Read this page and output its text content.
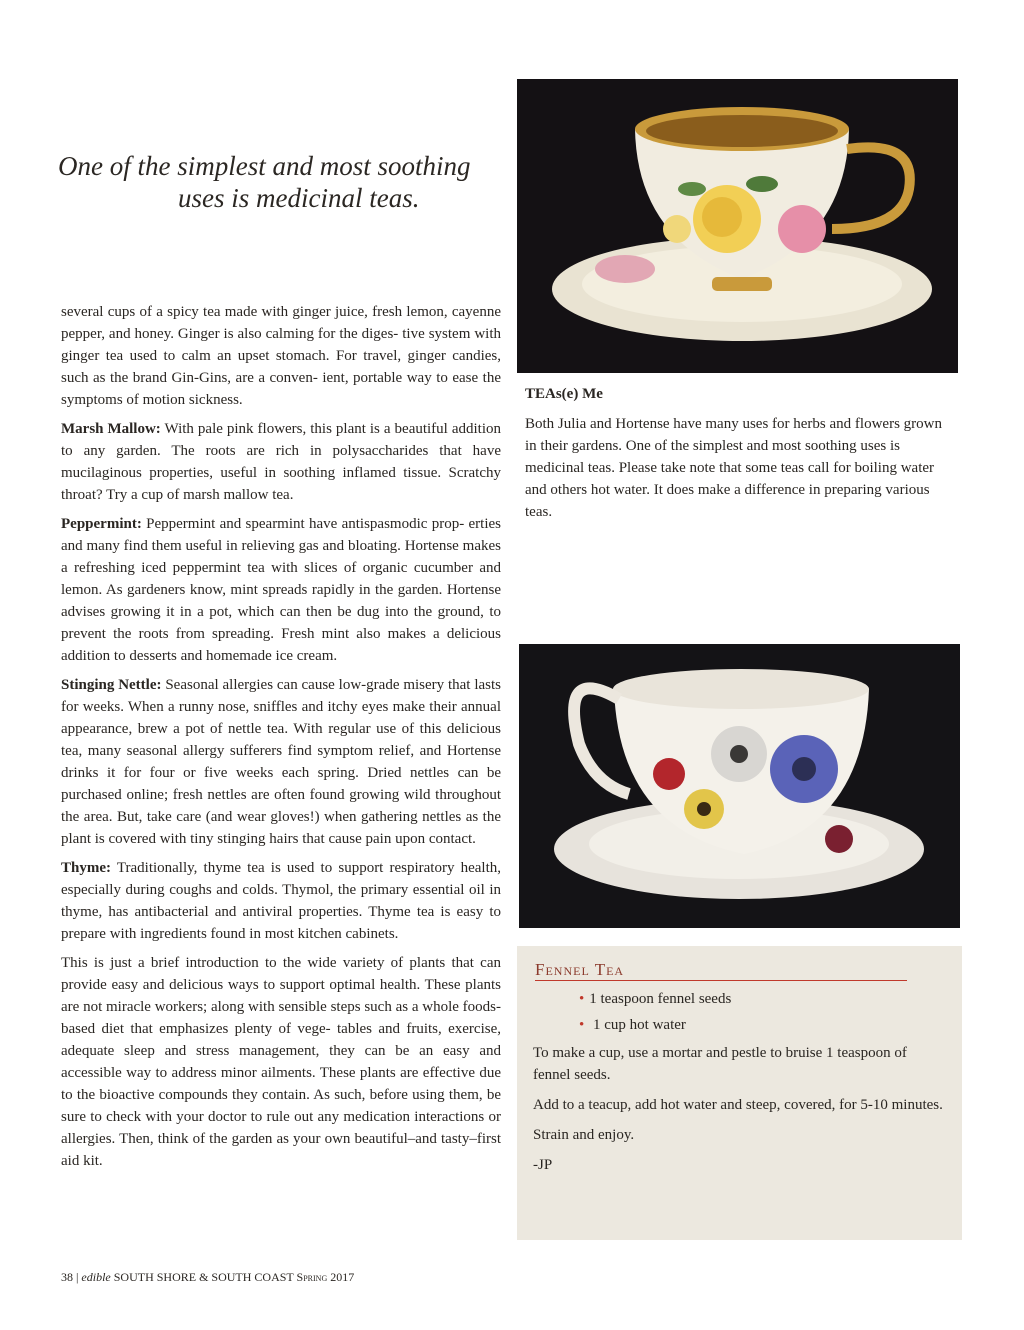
One of the simplest and most soothing
uses is medicinal teas.

several cups of a spicy tea made with ginger juice, fresh lemon, cayenne pepper, and honey. Ginger is also calming for the diges- tive system with ginger tea used to calm an upset stomach. For travel, ginger candies, such as the brand Gin-Gins, are a conven- ient, portable way to ease the symptoms of motion sickness.

Marsh Mallow: With pale pink flowers, this plant is a beautiful addition to any garden. The roots are rich in polysaccharides that have mucilaginous properties, useful in soothing inflamed tissue. Scratchy throat? Try a cup of marsh mallow tea.

Peppermint: Peppermint and spearmint have antispasmodic prop- erties and many find them useful in relieving gas and bloating. Hortense makes a refreshing iced peppermint tea with slices of organic cucumber and lemon. As gardeners know, mint spreads rapidly in the garden. Hortense advises growing it in a pot, which can then be dug into the ground, to prevent the roots from spreading. Fresh mint also makes a delicious addition to desserts and homemade ice cream.

Stinging Nettle: Seasonal allergies can cause low-grade misery that lasts for weeks. When a runny nose, sniffles and itchy eyes make their annual appearance, brew a pot of nettle tea. With regular use of this delicious tea, many seasonal allergy sufferers find symptom relief, and Hortense drinks it for four or five weeks each spring. Dried nettles can be purchased online; fresh nettles are often found growing wild throughout the area. But, take care (and wear gloves!) when gathering nettles as the plant is covered with tiny stinging hairs that cause pain upon contact.

Thyme: Traditionally, thyme tea is used to support respiratory health, especially during coughs and colds. Thymol, the primary essential oil in thyme, has antibacterial and antiviral properties. Thyme tea is easy to prepare with ingredients found in most kitchen cabinets.

This is just a brief introduction to the wide variety of plants that can provide easy and delicious ways to support optimal health. These plants are not miracle workers; along with sensible steps such as a whole foods-based diet that emphasizes plenty of vege- tables and fruits, exercise, adequate sleep and stress management, they can be an easy and accessible way to address minor ailments. These plants are effective due to the bioactive compounds they contain. As such, before using them, be sure to check with your doctor to rule out any medication interactions or allergies. Then, think of the garden as your own beautiful–and tasty–first aid kit.

TEAs(e) Me

Both Julia and Hortense have many uses for herbs and flowers grown in their gardens. One of the simplest and most soothing uses is medicinal teas. Please take note that some teas call for boiling water and others hot water. It does make a difference in preparing various teas.

Fennel Tea
• 1 teaspoon fennel seeds
• 1 cup hot water

To make a cup, use a mortar and pestle to bruise 1 teaspoon of fennel seeds.

Add to a teacup, add hot water and steep, covered, for 5-10 minutes.

Strain and enjoy.

-JP

38 | edible SOUTH SHORE & SOUTH COAST Spring 2017
